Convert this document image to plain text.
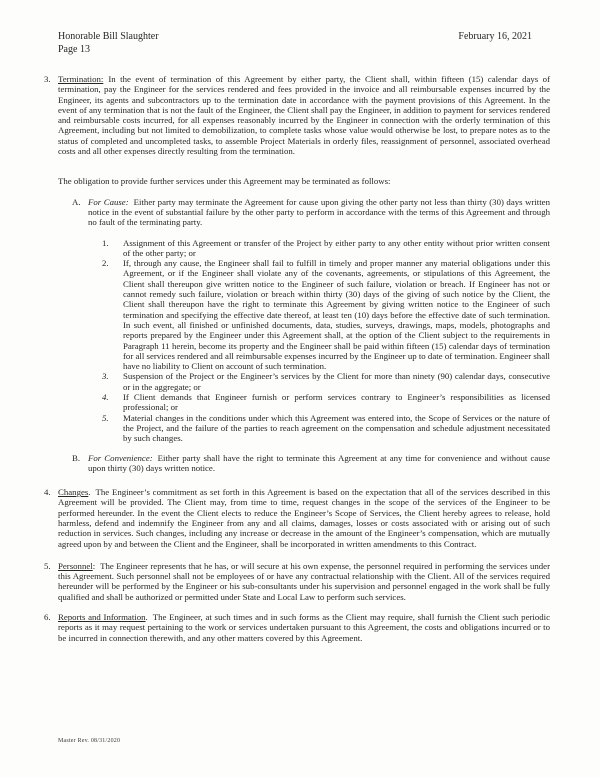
Honorable Bill Slaughter
Page 13
February 16, 2021
3. Termination: In the event of termination of this Agreement by either party, the Client shall, within fifteen (15) calendar days of termination, pay the Engineer for the services rendered and fees provided in the invoice and all reimbursable expenses incurred by the Engineer, its agents and subcontractors up to the termination date in accordance with the payment provisions of this Agreement. In the event of any termination that is not the fault of the Engineer, the Client shall pay the Engineer, in addition to payment for services rendered and reimbursable costs incurred, for all expenses reasonably incurred by the Engineer in connection with the orderly termination of this Agreement, including but not limited to demobilization, to complete tasks whose value would otherwise be lost, to prepare notes as to the status of completed and uncompleted tasks, to assemble Project Materials in orderly files, reassignment of personnel, associated overhead costs and all other expenses directly resulting from the termination.
The obligation to provide further services under this Agreement may be terminated as follows:
A. For Cause: Either party may terminate the Agreement for cause upon giving the other party not less than thirty (30) days written notice in the event of substantial failure by the other party to perform in accordance with the terms of this Agreement and through no fault of the terminating party.
1.	Assignment of this Agreement or transfer of the Project by either party to any other entity without prior written consent of the other party; or
2.	If, through any cause, the Engineer shall fail to fulfill in timely and proper manner any material obligations under this Agreement, or if the Engineer shall violate any of the covenants, agreements, or stipulations of this Agreement, the Client shall thereupon give written notice to the Engineer of such failure, violation or breach. If Engineer has not or cannot remedy such failure, violation or breach within thirty (30) days of the giving of such notice by the Client, the Client shall thereupon have the right to terminate this Agreement by giving written notice to the Engineer of such termination and specifying the effective date thereof, at least ten (10) days before the effective date of such termination. In such event, all finished or unfinished documents, data, studies, surveys, drawings, maps, models, photographs and reports prepared by the Engineer under this Agreement shall, at the option of the Client subject to the requirements in Paragraph 11 herein, become its property and the Engineer shall be paid within fifteen (15) calendar days of termination for all services rendered and all reimbursable expenses incurred by the Engineer up to date of termination. Engineer shall have no liability to Client on account of such termination.
3.	Suspension of the Project or the Engineer’s services by the Client for more than ninety (90) calendar days, consecutive or in the aggregate; or
4.	If Client demands that Engineer furnish or perform services contrary to Engineer’s responsibilities as licensed professional; or
5.	Material changes in the conditions under which this Agreement was entered into, the Scope of Services or the nature of the Project, and the failure of the parties to reach agreement on the compensation and schedule adjustment necessitated by such changes.
B. For Convenience: Either party shall have the right to terminate this Agreement at any time for convenience and without cause upon thirty (30) days written notice.
4. Changes. The Engineer’s commitment as set forth in this Agreement is based on the expectation that all of the services described in this Agreement will be provided. The Client may, from time to time, request changes in the scope of the services of the Engineer to be performed hereunder. In the event the Client elects to reduce the Engineer’s Scope of Services, the Client hereby agrees to release, hold harmless, defend and indemnify the Engineer from any and all claims, damages, losses or costs associated with or arising out of such reduction in services. Such changes, including any increase or decrease in the amount of the Engineer’s compensation, which are mutually agreed upon by and between the Client and the Engineer, shall be incorporated in written amendments to this Contract.
5. Personnel: The Engineer represents that he has, or will secure at his own expense, the personnel required in performing the services under this Agreement. Such personnel shall not be employees of or have any contractual relationship with the Client. All of the services required hereunder will be performed by the Engineer or his sub-consultants under his supervision and personnel engaged in the work shall be fully qualified and shall be authorized or permitted under State and Local Law to perform such services.
6. Reports and Information. The Engineer, at such times and in such forms as the Client may require, shall furnish the Client such periodic reports as it may request pertaining to the work or services undertaken pursuant to this Agreement, the costs and obligations incurred or to be incurred in connection therewith, and any other matters covered by this Agreement.
Master Rev. 08/31/2020
